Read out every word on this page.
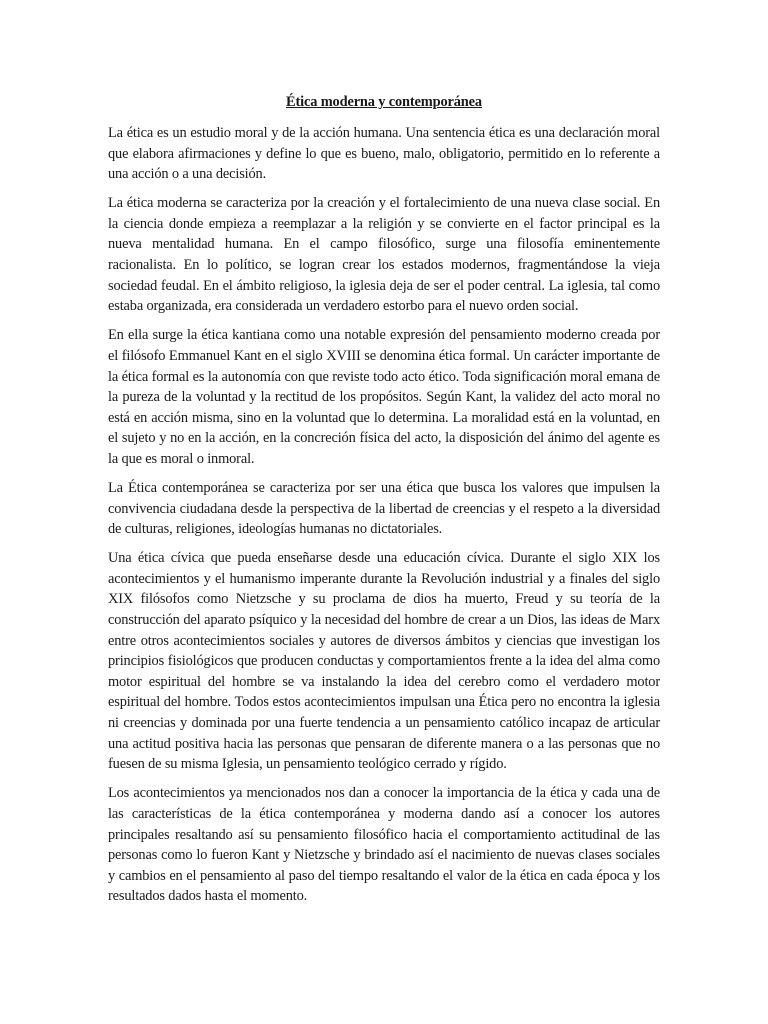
Ética moderna y contemporánea

La ética es un estudio moral y de la acción humana. Una sentencia ética es una declaración moral que elabora afirmaciones y define lo que es bueno, malo, obligatorio, permitido en lo referente a una acción o a una decisión.

La ética moderna se caracteriza por la creación y el fortalecimiento de una nueva clase social. En la ciencia donde empieza a reemplazar a la religión y se convierte en el factor principal es la nueva mentalidad humana. En el campo filosófico, surge una filosofía eminentemente racionalista. En lo político, se logran crear los estados modernos, fragmentándose la vieja sociedad feudal. En el ámbito religioso, la iglesia deja de ser el poder central. La iglesia, tal como estaba organizada, era considerada un verdadero estorbo para el nuevo orden social.

En ella surge la ética kantiana como una notable expresión del pensamiento moderno creada por el filósofo Emmanuel Kant en el siglo XVIII se denomina ética formal. Un carácter importante de la ética formal es la autonomía con que reviste todo acto ético. Toda significación moral emana de la pureza de la voluntad y la rectitud de los propósitos. Según Kant, la validez del acto moral no está en acción misma, sino en la voluntad que lo determina. La moralidad está en la voluntad, en el sujeto y no en la acción, en la concreción física del acto, la disposición del ánimo del agente es la que es moral o inmoral.

La Ética contemporánea se caracteriza por ser una ética que busca los valores que impulsen la convivencia ciudadana desde la perspectiva de la libertad de creencias y el respeto a la diversidad de culturas, religiones, ideologías humanas no dictatoriales.

Una ética cívica que pueda enseñarse desde una educación cívica. Durante el siglo XIX los acontecimientos y el humanismo imperante durante la Revolución industrial y a finales del siglo XIX filósofos como Nietzsche y su proclama de dios ha muerto, Freud y su teoría de la construcción del aparato psíquico y la necesidad del hombre de crear a un Dios, las ideas de Marx entre otros acontecimientos sociales y autores de diversos ámbitos y ciencias que investigan los principios fisiológicos que producen conductas y comportamientos frente a la idea del alma como motor espiritual del hombre se va instalando la idea del cerebro como el verdadero motor espiritual del hombre. Todos estos acontecimientos impulsan una Ética pero no encontra la iglesia ni creencias y dominada por una fuerte tendencia a un pensamiento católico incapaz de articular una actitud positiva hacia las personas que pensaran de diferente manera o a las personas que no fuesen de su misma Iglesia, un pensamiento teológico cerrado y rígido.

Los acontecimientos ya mencionados nos dan a conocer la importancia de la ética y cada una de las características de la ética contemporánea y moderna dando así a conocer los autores principales resaltando así su pensamiento filosófico hacia el comportamiento actitudinal de las personas como lo fueron Kant y Nietzsche y brindado así el nacimiento de nuevas clases sociales y cambios en el pensamiento al paso del tiempo resaltando el valor de la ética en cada época y los resultados dados hasta el momento.
